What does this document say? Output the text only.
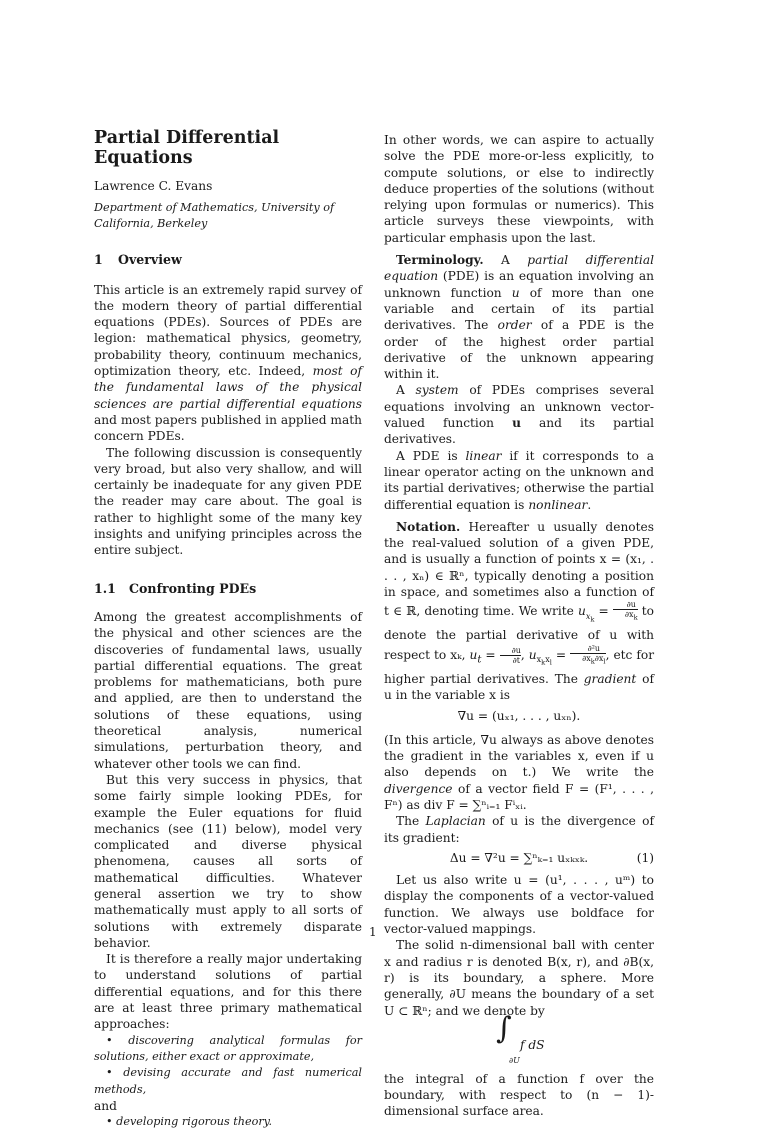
Partial Differential Equations
Lawrence C. Evans
Department of Mathematics, University of California, Berkeley
1 Overview

This article is an extremely rapid survey of the modern theory of partial differential equations (PDEs). Sources of PDEs are legion: mathematical physics, geometry, probability theory, continuum mechanics, optimization theory, etc. Indeed, most of the fundamental laws of the physical sciences are partial differential equations and most papers published in applied math concern PDEs.

The following discussion is consequently very broad, but also very shallow, and will certainly be inadequate for any given PDE the reader may care about. The goal is rather to highlight some of the many key insights and unifying principles across the entire subject.

1.1 Confronting PDEs

Among the greatest accomplishments of the physical and other sciences are the discoveries of fundamental laws, usually partial differential equations. The great problems for mathematicians, both pure and applied, are then to understand the solutions of these equations, using theoretical analysis, numerical simulations, perturbation theory, and whatever other tools we can find.

But this very success in physics, that some fairly simple looking PDEs, for example the Euler equations for fluid mechanics (see (11) below), model very complicated and diverse physical phenomena, causes all sorts of mathematical difficulties. Whatever general assertion we try to show mathematically must apply to all sorts of solutions with extremely disparate behavior.

It is therefore a really major undertaking to understand solutions of partial differential equations, and for this there are at least three primary mathematical approaches:

• discovering analytical formulas for solutions, either exact or approximate,

• devising accurate and fast numerical methods,

and

• developing rigorous theory.

In other words, we can aspire to actually solve the PDE more-or-less explicitly, to compute solutions, or else to indirectly deduce properties of the solutions (without relying upon formulas or numerics). This article surveys these viewpoints, with particular emphasis upon the last.

Terminology. A partial differential equation (PDE) is an equation involving an unknown function u of more than one variable and certain of its partial derivatives. The order of a PDE is the order of the highest order partial derivative of the unknown appearing within it.

A system of PDEs comprises several equations involving an unknown vector-valued function u and its partial derivatives.

A PDE is linear if it corresponds to a linear operator acting on the unknown and its partial derivatives; otherwise the partial differential equation is nonlinear.

Notation. Hereafter u usually denotes the real-valued solution of a given PDE, and is usually a function of points x = (x₁, . . . , xₙ) ∈ ℝⁿ, typically denoting a position in space, and sometimes also a function of t ∈ ℝ, denoting time. We write $u_{x_k} = \frac{\partial u}{\partial x_k}$ to denote the partial derivative of u with respect to xₖ, $u_t = \frac{\partial u}{\partial t}$ , $u_{x_kx_l} = \frac{\text{∂²u}}{\partial x_k\partial x_l}$ , etc for higher partial derivatives. The gradient of u in the variable x is

∇u = (uₓ₁, . . . , uₓₙ).

(In this article, ∇u always as above denotes the gradient in the variables x, even if u also depends on t.) We write the divergence of a vector field F = (F¹, . . . , Fⁿ) as div F = ∑ⁿᵢ₌₁ Fⁱₓᵢ.

The Laplacian of u is the divergence of its gradient:

Δu = ∇²u = ∑ⁿₖ₌₁ uₓₖₓₖ.	(1)

Let us also write u = (u¹, . . . , uᵐ) to display the components of a vector-valued function. We always use boldface for vector-valued mappings.

The solid n-dimensional ball with center x and radius r is denoted B(x, r), and ∂B(x, r) is its boundary, a sphere. More generally, ∂U means the boundary of a set U ⊂ ℝⁿ; and we denote by

∫
∂U
f dS

the integral of a function f over the boundary, with respect to (n − 1)-dimensional surface area.

1
